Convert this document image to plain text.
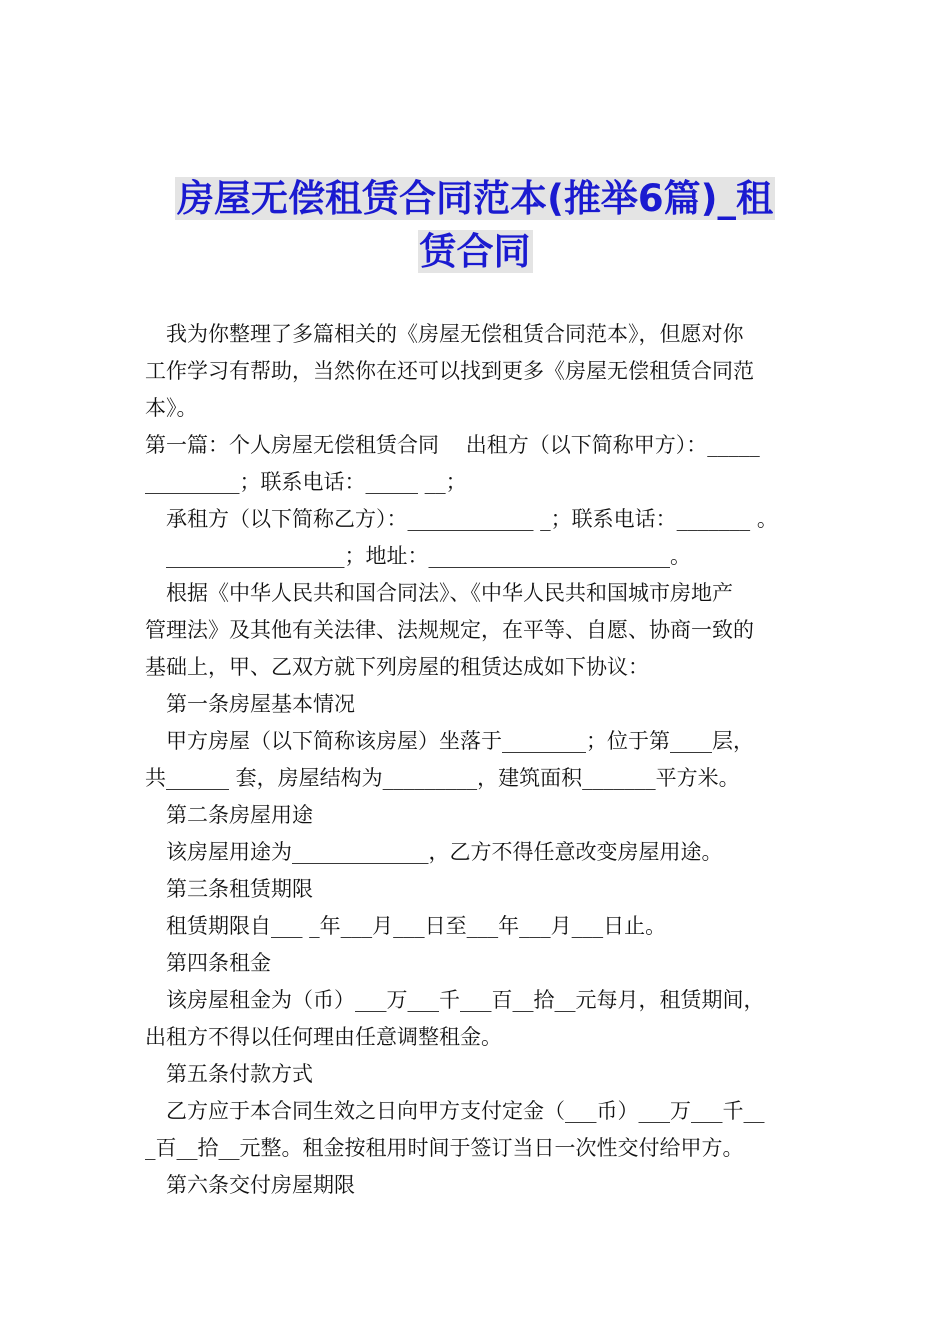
房屋无偿租赁合同范本(推举6篇)_租
赁合同

我为你整理了多篇相关的《房屋无偿租赁合同范本》，但愿对你

工作学习有帮助，当然你在还可以找到更多《房屋无偿租赁合同范

本》。

第一篇：个人房屋无偿租赁合同    出租方（以下简称甲方）：_____

_________；联系电话：_____ __；

承租方（以下简称乙方）：____________ _；联系电话：_______ 。

_________________；地址：_______________________。

根据《中华人民共和国合同法》、《中华人民共和国城市房地产

管理法》及其他有关法律、法规规定，在平等、自愿、协商一致的

基础上，甲、乙双方就下列房屋的租赁达成如下协议：

第一条房屋基本情况

甲方房屋（以下简称该房屋）坐落于________；位于第____层，

共______ 套，房屋结构为_________，建筑面积_______平方米。

第二条房屋用途

该房屋用途为_____________，乙方不得任意改变房屋用途。

第三条租赁期限

租赁期限自___ _年___月___日至___年___月___日止。

第四条租金

该房屋租金为（币）___万___千___百__拾__元每月，租赁期间，

出租方不得以任何理由任意调整租金。

第五条付款方式

乙方应于本合同生效之日向甲方支付定金（___币）___万___千__

_百__拾__元整。租金按租用时间于签订当日一次性交付给甲方。

第六条交付房屋期限
